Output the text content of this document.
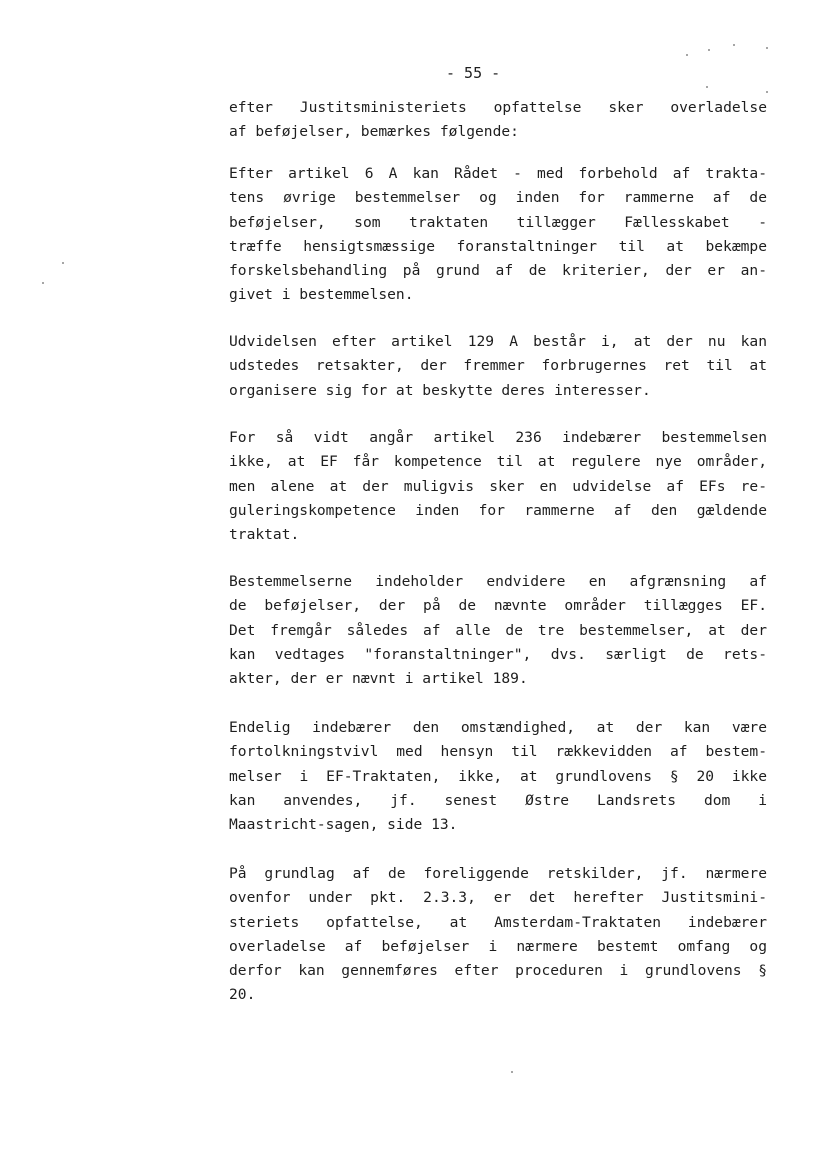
- 55 -
efter Justitsministeriets opfattelse sker overladelse
af beføjelser, bemærkes følgende:
Efter artikel 6 A kan Rådet - med forbehold af trakta-
tens øvrige bestemmelser og inden for rammerne af de
beføjelser, som traktaten tillægger Fællesskabet -
træffe hensigtsmæssige foranstaltninger til at bekæmpe
forskelsbehandling på grund af de kriterier, der er an-
givet i bestemmelsen.
Udvidelsen efter artikel 129 A består i, at der nu kan
udstedes retsakter, der fremmer forbrugernes ret til at
organisere sig for at beskytte deres interesser.
For så vidt angår artikel 236 indebærer bestemmelsen
ikke, at EF får kompetence til at regulere nye områder,
men alene at der muligvis sker en udvidelse af EFs re-
guleringskompetence inden for rammerne af den gældende
traktat.
Bestemmelserne indeholder endvidere en afgrænsning af
de beføjelser, der på de nævnte områder tillægges EF.
Det fremgår således af alle de tre bestemmelser, at der
kan vedtages "foranstaltninger", dvs. særligt de rets-
akter, der er nævnt i artikel 189.
Endelig indebærer den omstændighed, at der kan være
fortolkningstvivl med hensyn til rækkevidden af bestem-
melser i EF-Traktaten, ikke, at grundlovens § 20 ikke
kan anvendes, jf. senest Østre Landsrets dom i
Maastricht-sagen, side 13.
På grundlag af de foreliggende retskilder, jf. nærmere
ovenfor under pkt. 2.3.3, er det herefter Justitsmini-
steriets opfattelse, at Amsterdam-Traktaten indebærer
overladelse af beføjelser i nærmere bestemt omfang og
derfor kan gennemføres efter proceduren i grundlovens §
20.
